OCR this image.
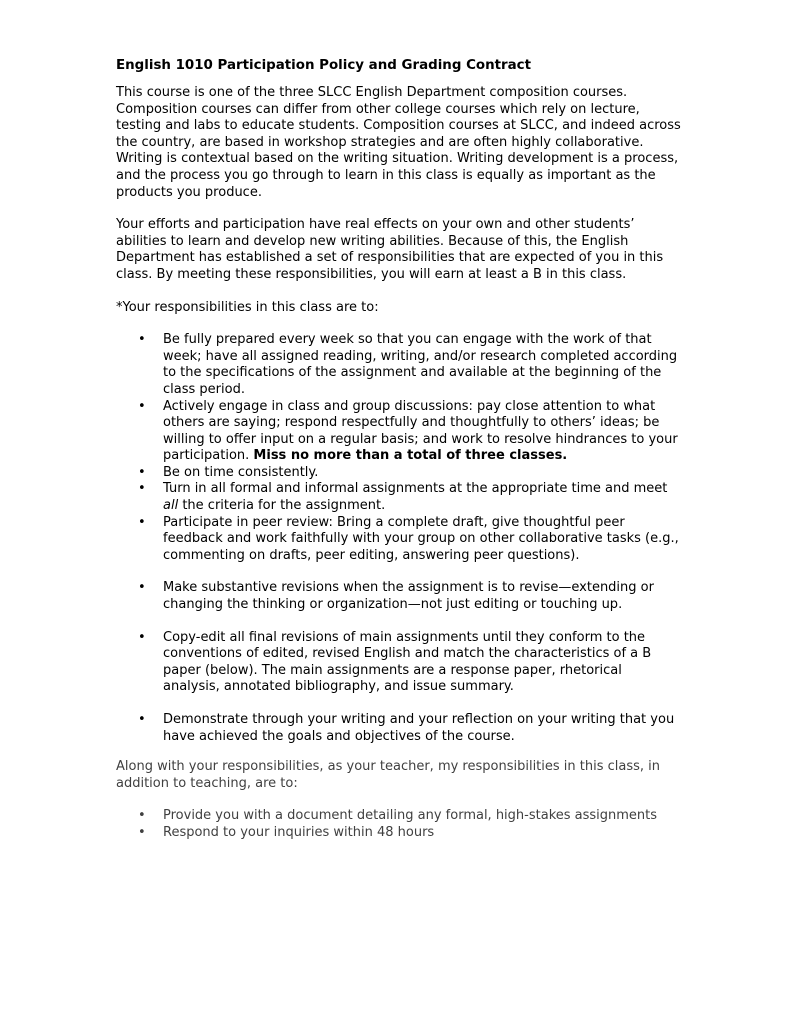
English 1010 Participation Policy and Grading Contract

This course is one of the three SLCC English Department composition courses. Composition courses can differ from other college courses which rely on lecture, testing and labs to educate students. Composition courses at SLCC, and indeed across the country, are based in workshop strategies and are often highly collaborative. Writing is contextual based on the writing situation. Writing development is a process, and the process you go through to learn in this class is equally as important as the products you produce.

Your efforts and participation have real effects on your own and other students’ abilities to learn and develop new writing abilities. Because of this, the English Department has established a set of responsibilities that are expected of you in this class. By meeting these responsibilities, you will earn at least a B in this class.

*Your responsibilities in this class are to:

• Be fully prepared every week so that you can engage with the work of that week; have all assigned reading, writing, and/or research completed according to the specifications of the assignment and available at the beginning of the class period.
• Actively engage in class and group discussions: pay close attention to what others are saying; respond respectfully and thoughtfully to others’ ideas; be willing to offer input on a regular basis; and work to resolve hindrances to your participation. Miss no more than a total of three classes.
• Be on time consistently.
• Turn in all formal and informal assignments at the appropriate time and meet all the criteria for the assignment.
• Participate in peer review: Bring a complete draft, give thoughtful peer feedback and work faithfully with your group on other collaborative tasks (e.g., commenting on drafts, peer editing, answering peer questions).
• Make substantive revisions when the assignment is to revise—extending or changing the thinking or organization—not just editing or touching up.
• Copy-edit all final revisions of main assignments until they conform to the conventions of edited, revised English and match the characteristics of a B paper (below). The main assignments are a response paper, rhetorical analysis, annotated bibliography, and issue summary.
• Demonstrate through your writing and your reflection on your writing that you have achieved the goals and objectives of the course.

Along with your responsibilities, as your teacher, my responsibilities in this class, in addition to teaching, are to:

• Provide you with a document detailing any formal, high-stakes assignments
• Respond to your inquiries within 48 hours
